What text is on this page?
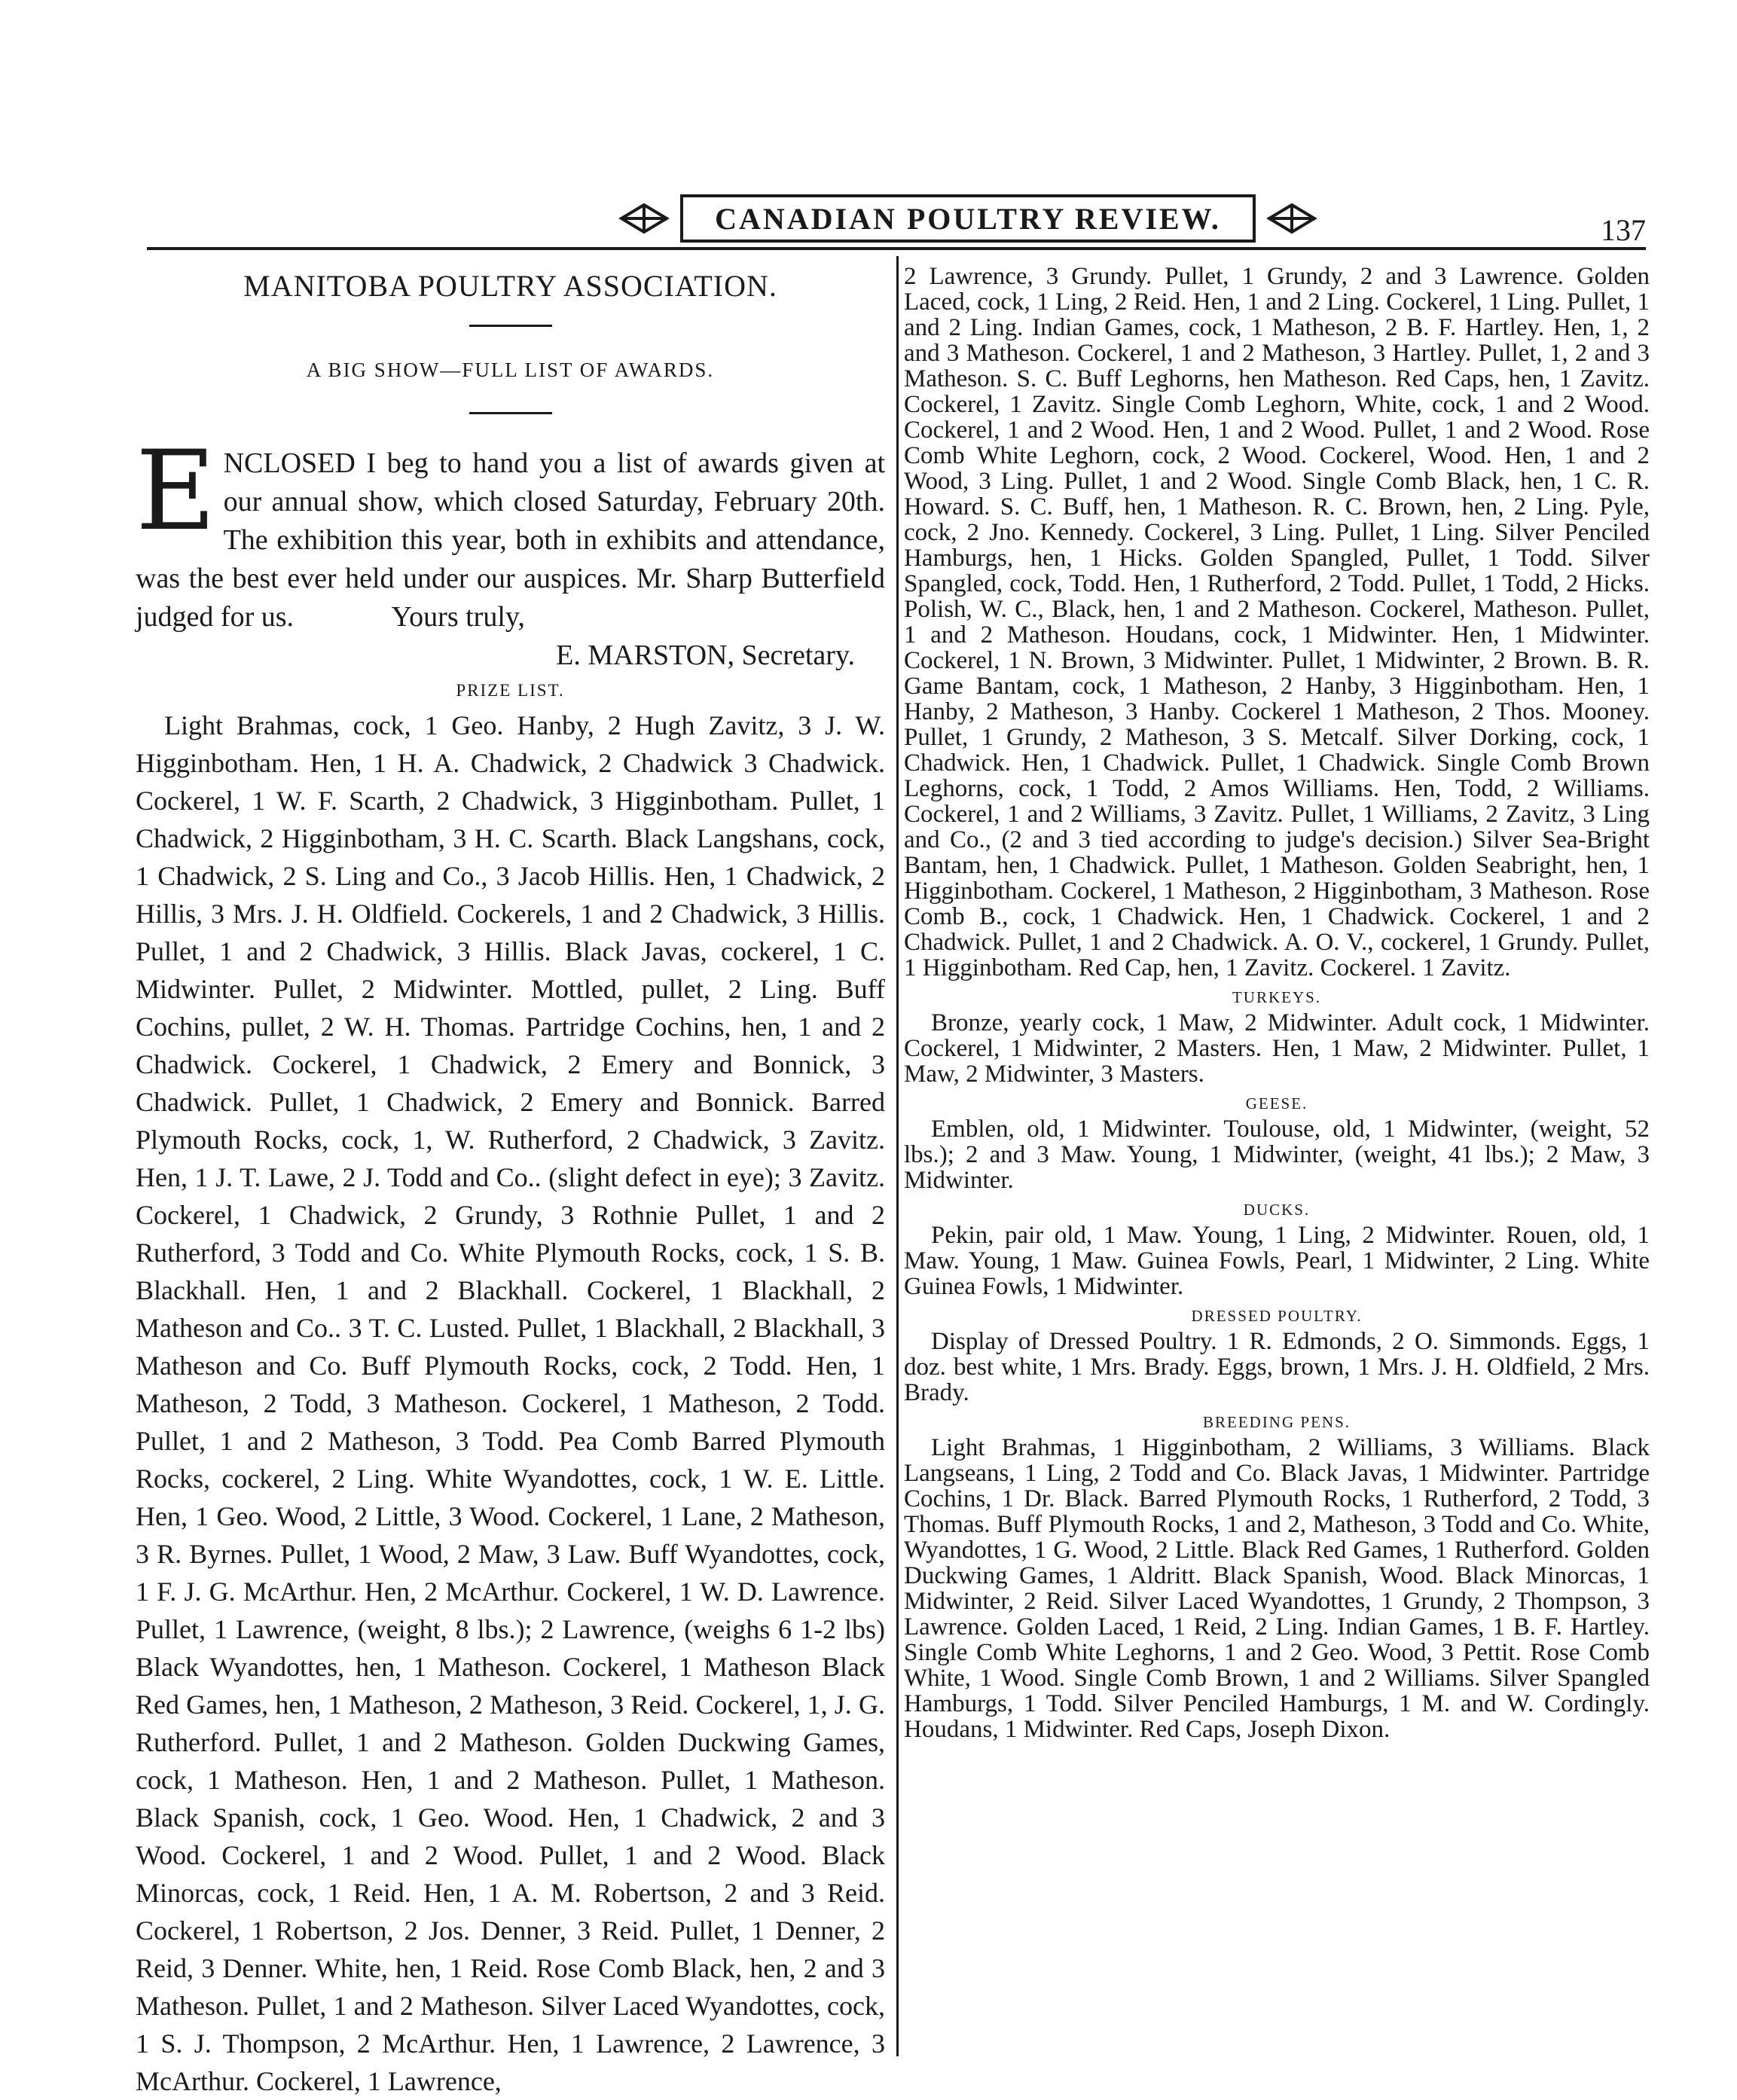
CANADIAN POULTRY REVIEW.	137
MANITOBA POULTRY ASSOCIATION.
A BIG SHOW—FULL LIST OF AWARDS.
E NCLOSED I beg to hand you a list of awards given at our annual show, which closed Saturday, February 20th. The exhibition this year, both in exhibits and attendance, was the best ever held under our auspices. Mr. Sharp Butterfield judged for us.	Yours truly,
E. MARSTON, Secretary.
PRIZE LIST.

Light Brahmas, cock, 1 Geo. Hanby, 2 Hugh Zavitz, 3 J. W. Higginbotham. Hen, 1 H. A. Chadwick, 2 Chadwick 3 Chadwick. Cockerel, 1 W. F. Scarth, 2 Chadwick, 3 Higginbotham. Pullet, 1 Chadwick, 2 Higginbotham, 3 H. C. Scarth. Black Langshans, cock, 1 Chadwick, 2 S. Ling and Co., 3 Jacob Hillis. Hen, 1 Chadwick, 2 Hillis, 3 Mrs. J. H. Oldfield. Cockerels, 1 and 2 Chadwick, 3 Hillis. Pullet, 1 and 2 Chadwick, 3 Hillis. Black Javas, cockerel, 1 C. Midwinter. Pullet, 2 Midwinter. Mottled, pullet, 2 Ling. Buff Cochins, pullet, 2 W. H. Thomas. Partridge Cochins, hen, 1 and 2 Chadwick. Cockerel, 1 Chadwick, 2 Emery and Bonnick, 3 Chadwick. Pullet, 1 Chadwick, 2 Emery and Bonnick. Barred Plymouth Rocks, cock, 1, W. Rutherford, 2 Chadwick, 3 Zavitz. Hen, 1 J. T. Lawe, 2 J. Todd and Co.. (slight defect in eye); 3 Zavitz. Cockerel, 1 Chadwick, 2 Grundy, 3 Rothnie Pullet, 1 and 2 Rutherford, 3 Todd and Co. White Plymouth Rocks, cock, 1 S. B. Blackhall. Hen, 1 and 2 Blackhall. Cockerel, 1 Blackhall, 2 Matheson and Co.. 3 T. C. Lusted. Pullet, 1 Blackhall, 2 Blackhall, 3 Matheson and Co. Buff Plymouth Rocks, cock, 2 Todd. Hen, 1 Matheson, 2 Todd, 3 Matheson. Cockerel, 1 Matheson, 2 Todd. Pullet, 1 and 2 Matheson, 3 Todd. Pea Comb Barred Plymouth Rocks, cockerel, 2 Ling. White Wyandottes, cock, 1 W. E. Little. Hen, 1 Geo. Wood, 2 Little, 3 Wood. Cockerel, 1 Lane, 2 Matheson, 3 R. Byrnes. Pullet, 1 Wood, 2 Maw, 3 Law. Buff Wyandottes, cock, 1 F. J. G. McArthur. Hen, 2 McArthur. Cockerel, 1 W. D. Lawrence. Pullet, 1 Lawrence, (weight, 8 lbs.); 2 Lawrence, (weighs 6 1-2 lbs) Black Wyandottes, hen, 1 Matheson. Cockerel, 1 Matheson Black Red Games, hen, 1 Matheson, 2 Matheson, 3 Reid. Cockerel, 1, J. G. Rutherford. Pullet, 1 and 2 Matheson. Golden Duckwing Games, cock, 1 Matheson. Hen, 1 and 2 Matheson. Pullet, 1 Matheson. Black Spanish, cock, 1 Geo. Wood. Hen, 1 Chadwick, 2 and 3 Wood. Cockerel, 1 and 2 Wood. Pullet, 1 and 2 Wood. Black Minorcas, cock, 1 Reid. Hen, 1 A. M. Robertson, 2 and 3 Reid. Cockerel, 1 Robertson, 2 Jos. Denner, 3 Reid. Pullet, 1 Denner, 2 Reid, 3 Denner. White, hen, 1 Reid. Rose Comb Black, hen, 2 and 3 Matheson. Pullet, 1 and 2 Matheson. Silver Laced Wyandottes, cock, 1 S. J. Thompson, 2 McArthur. Hen, 1 Lawrence, 2 Lawrence, 3 McArthur. Cockerel, 1 Lawrence,

2 Lawrence, 3 Grundy. Pullet, 1 Grundy, 2 and 3 Lawrence. Golden Laced, cock, 1 Ling, 2 Reid. Hen, 1 and 2 Ling. Cockerel, 1 Ling. Pullet, 1 and 2 Ling. Indian Games, cock, 1 Matheson, 2 B. F. Hartley. Hen, 1, 2 and 3 Matheson. Cockerel, 1 and 2 Matheson, 3 Hartley. Pullet, 1, 2 and 3 Matheson. S. C. Buff Leghorns, hen Matheson. Red Caps, hen, 1 Zavitz. Cockerel, 1 Zavitz. Single Comb Leghorn, White, cock, 1 and 2 Wood. Cockerel, 1 and 2 Wood. Hen, 1 and 2 Wood. Pullet, 1 and 2 Wood. Rose Comb White Leghorn, cock, 2 Wood. Cockerel, Wood. Hen, 1 and 2 Wood, 3 Ling. Pullet, 1 and 2 Wood. Single Comb Black, hen, 1 C. R. Howard. S. C. Buff, hen, 1 Matheson. R. C. Brown, hen, 2 Ling. Pyle, cock, 2 Jno. Kennedy. Cockerel, 3 Ling. Pullet, 1 Ling. Silver Penciled Hamburgs, hen, 1 Hicks. Golden Spangled, Pullet, 1 Todd. Silver Spangled, cock, Todd. Hen, 1 Rutherford, 2 Todd. Pullet, 1 Todd, 2 Hicks. Polish, W. C., Black, hen, 1 and 2 Matheson. Cockerel, Matheson. Pullet, 1 and 2 Matheson. Houdans, cock, 1 Midwinter. Hen, 1 Midwinter. Cockerel, 1 N. Brown, 3 Midwinter. Pullet, 1 Midwinter, 2 Brown. B. R. Game Bantam, cock, 1 Matheson, 2 Hanby, 3 Higginbotham. Hen, 1 Hanby, 2 Matheson, 3 Hanby. Cockerel 1 Matheson, 2 Thos. Mooney. Pullet, 1 Grundy, 2 Matheson, 3 S. Metcalf. Silver Dorking, cock, 1 Chadwick. Hen, 1 Chadwick. Pullet, 1 Chadwick. Single Comb Brown Leghorns, cock, 1 Todd, 2 Amos Williams. Hen, Todd, 2 Williams. Cockerel, 1 and 2 Williams, 3 Zavitz. Pullet, 1 Williams, 2 Zavitz, 3 Ling and Co., (2 and 3 tied according to judge's decision.) Silver Sea-Bright Bantam, hen, 1 Chadwick. Pullet, 1 Matheson. Golden Seabright, hen, 1 Higginbotham. Cockerel, 1 Matheson, 2 Higginbotham, 3 Matheson. Rose Comb B., cock, 1 Chadwick. Hen, 1 Chadwick. Cockerel, 1 and 2 Chadwick. Pullet, 1 and 2 Chadwick. A. O. V., cockerel, 1 Grundy. Pullet, 1 Higginbotham. Red Cap, hen, 1 Zavitz. Cockerel. 1 Zavitz.

TURKEYS.

Bronze, yearly cock, 1 Maw, 2 Midwinter. Adult cock, 1 Midwinter. Cockerel, 1 Midwinter, 2 Masters. Hen, 1 Maw, 2 Midwinter. Pullet, 1 Maw, 2 Midwinter, 3 Masters.

GEESE.

Emblen, old, 1 Midwinter. Toulouse, old, 1 Midwinter, (weight, 52 lbs.); 2 and 3 Maw. Young, 1 Midwinter, (weight, 41 lbs.); 2 Maw, 3 Midwinter.

DUCKS.

Pekin, pair old, 1 Maw. Young, 1 Ling, 2 Midwinter. Rouen, old, 1 Maw. Young, 1 Maw. Guinea Fowls, Pearl, 1 Midwinter, 2 Ling. White Guinea Fowls, 1 Midwinter.

DRESSED POULTRY.

Display of Dressed Poultry. 1 R. Edmonds, 2 O. Simmonds. Eggs, 1 doz. best white, 1 Mrs. Brady. Eggs, brown, 1 Mrs. J. H. Oldfield, 2 Mrs. Brady.

BREEDING PENS.

Light Brahmas, 1 Higginbotham, 2 Williams, 3 Williams. Black Langseans, 1 Ling, 2 Todd and Co. Black Javas, 1 Midwinter. Partridge Cochins, 1 Dr. Black. Barred Plymouth Rocks, 1 Rutherford, 2 Todd, 3 Thomas. Buff Plymouth Rocks, 1 and 2, Matheson, 3 Todd and Co. White, Wyandottes, 1 G. Wood, 2 Little. Black Red Games, 1 Rutherford. Golden Duckwing Games, 1 Aldritt. Black Spanish, Wood. Black Minorcas, 1 Midwinter, 2 Reid. Silver Laced Wyandottes, 1 Grundy, 2 Thompson, 3 Lawrence. Golden Laced, 1 Reid, 2 Ling. Indian Games, 1 B. F. Hartley. Single Comb White Leghorns, 1 and 2 Geo. Wood, 3 Pettit. Rose Comb White, 1 Wood. Single Comb Brown, 1 and 2 Williams. Silver Spangled Hamburgs, 1 Todd. Silver Penciled Hamburgs, 1 M. and W. Cordingly. Houdans, 1 Midwinter. Red Caps, Joseph Dixon.
